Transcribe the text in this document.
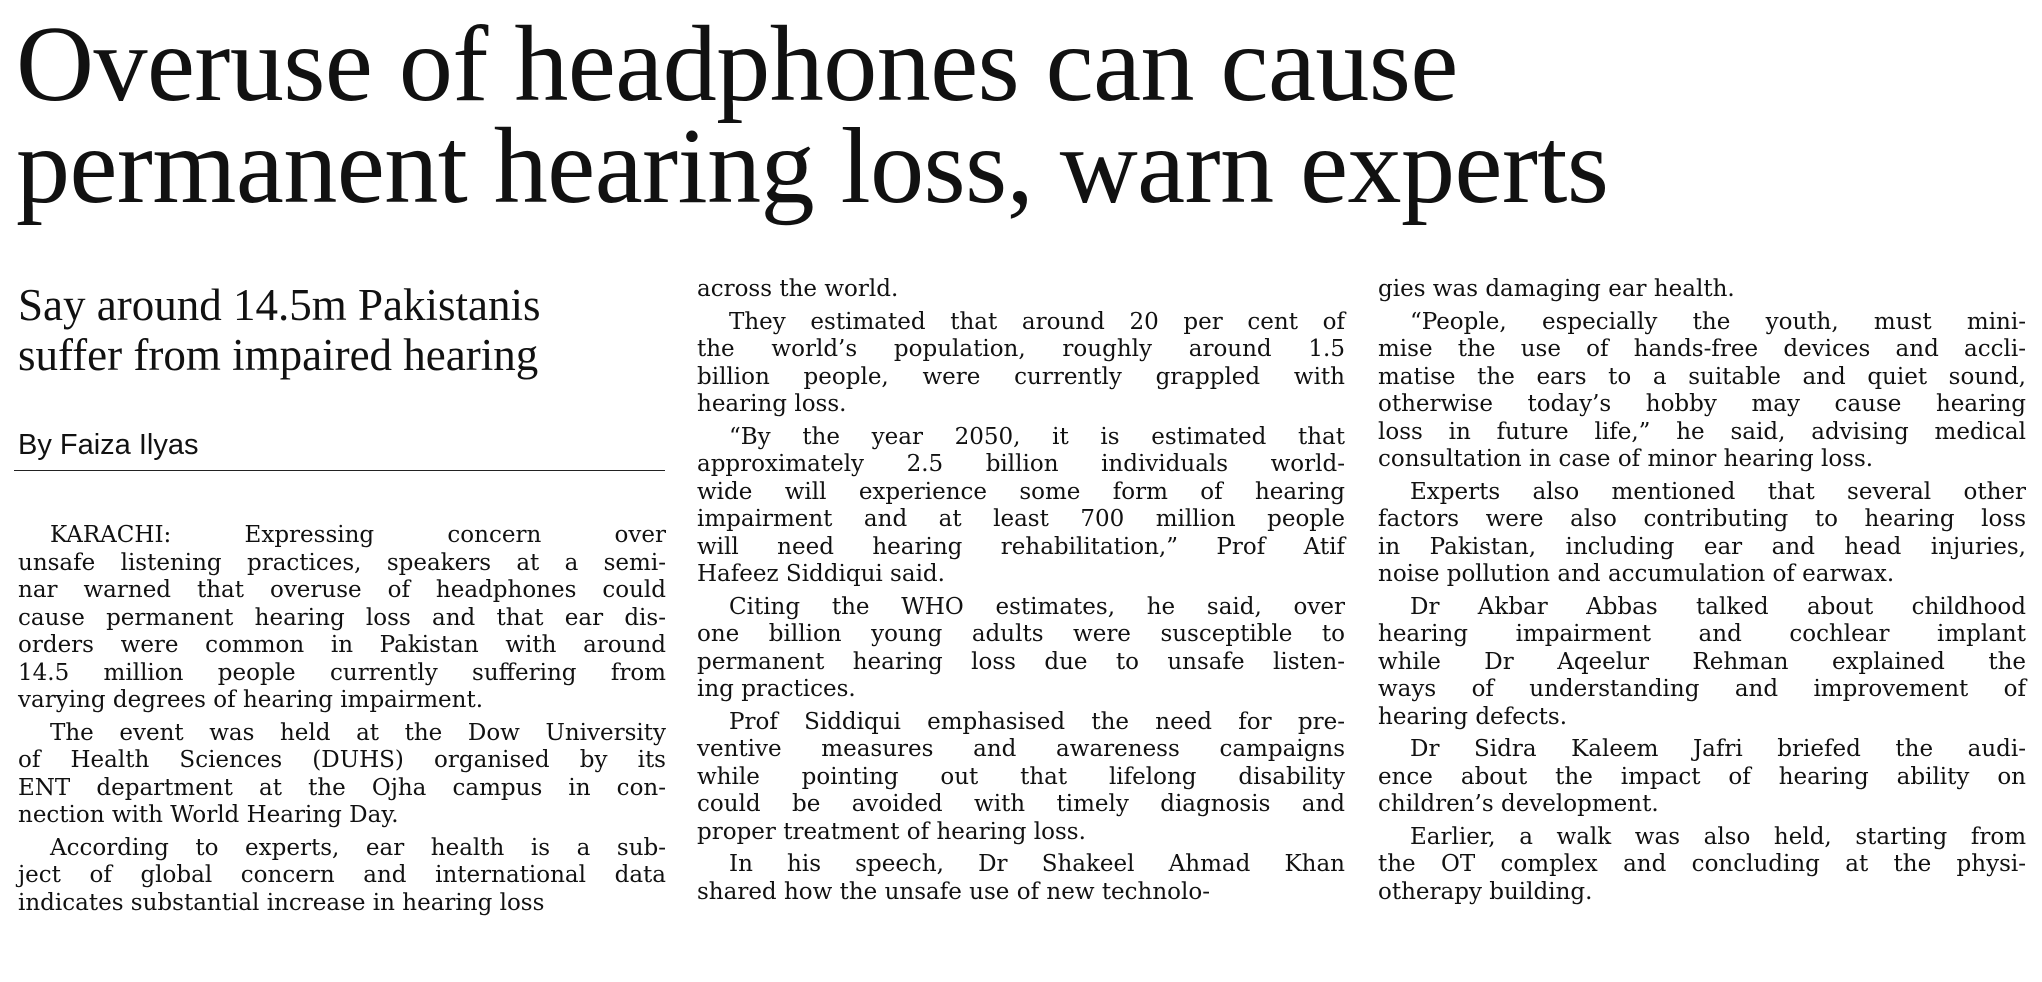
Overuse of headphones can cause
permanent hearing loss, warn experts
Say around 14.5m Pakistanis
suffer from impaired hearing
By Faiza Ilyas

KARACHI: Expressing concern over
unsafe listening practices, speakers at a semi-
nar warned that overuse of headphones could
cause permanent hearing loss and that ear dis-
orders were common in Pakistan with around
14.5 million people currently suffering from
varying degrees of hearing impairment.

The event was held at the Dow University
of Health Sciences (DUHS) organised by its
ENT department at the Ojha campus in con-
nection with World Hearing Day.

According to experts, ear health is a sub-
ject of global concern and international data
indicates substantial increase in hearing loss

across the world.

They estimated that around 20 per cent of
the world’s population, roughly around 1.5
billion people, were currently grappled with
hearing loss.

“By the year 2050, it is estimated that
approximately 2.5 billion individuals world-
wide will experience some form of hearing
impairment and at least 700 million people
will need hearing rehabilitation,” Prof Atif
Hafeez Siddiqui said.

Citing the WHO estimates, he said, over
one billion young adults were susceptible to
permanent hearing loss due to unsafe listen-
ing practices.

Prof Siddiqui emphasised the need for pre-
ventive measures and awareness campaigns
while pointing out that lifelong disability
could be avoided with timely diagnosis and
proper treatment of hearing loss.

In his speech, Dr Shakeel Ahmad Khan
shared how the unsafe use of new technolo-

gies was damaging ear health.

“People, especially the youth, must mini-
mise the use of hands-free devices and accli-
matise the ears to a suitable and quiet sound,
otherwise today’s hobby may cause hearing
loss in future life,” he said, advising medical
consultation in case of minor hearing loss.

Experts also mentioned that several other
factors were also contributing to hearing loss
in Pakistan, including ear and head injuries,
noise pollution and accumulation of earwax.

Dr Akbar Abbas talked about childhood
hearing impairment and cochlear implant
while Dr Aqeelur Rehman explained the
ways of understanding and improvement of
hearing defects.

Dr Sidra Kaleem Jafri briefed the audi-
ence about the impact of hearing ability on
children’s development.

Earlier, a walk was also held, starting from
the OT complex and concluding at the physi-
otherapy building.
